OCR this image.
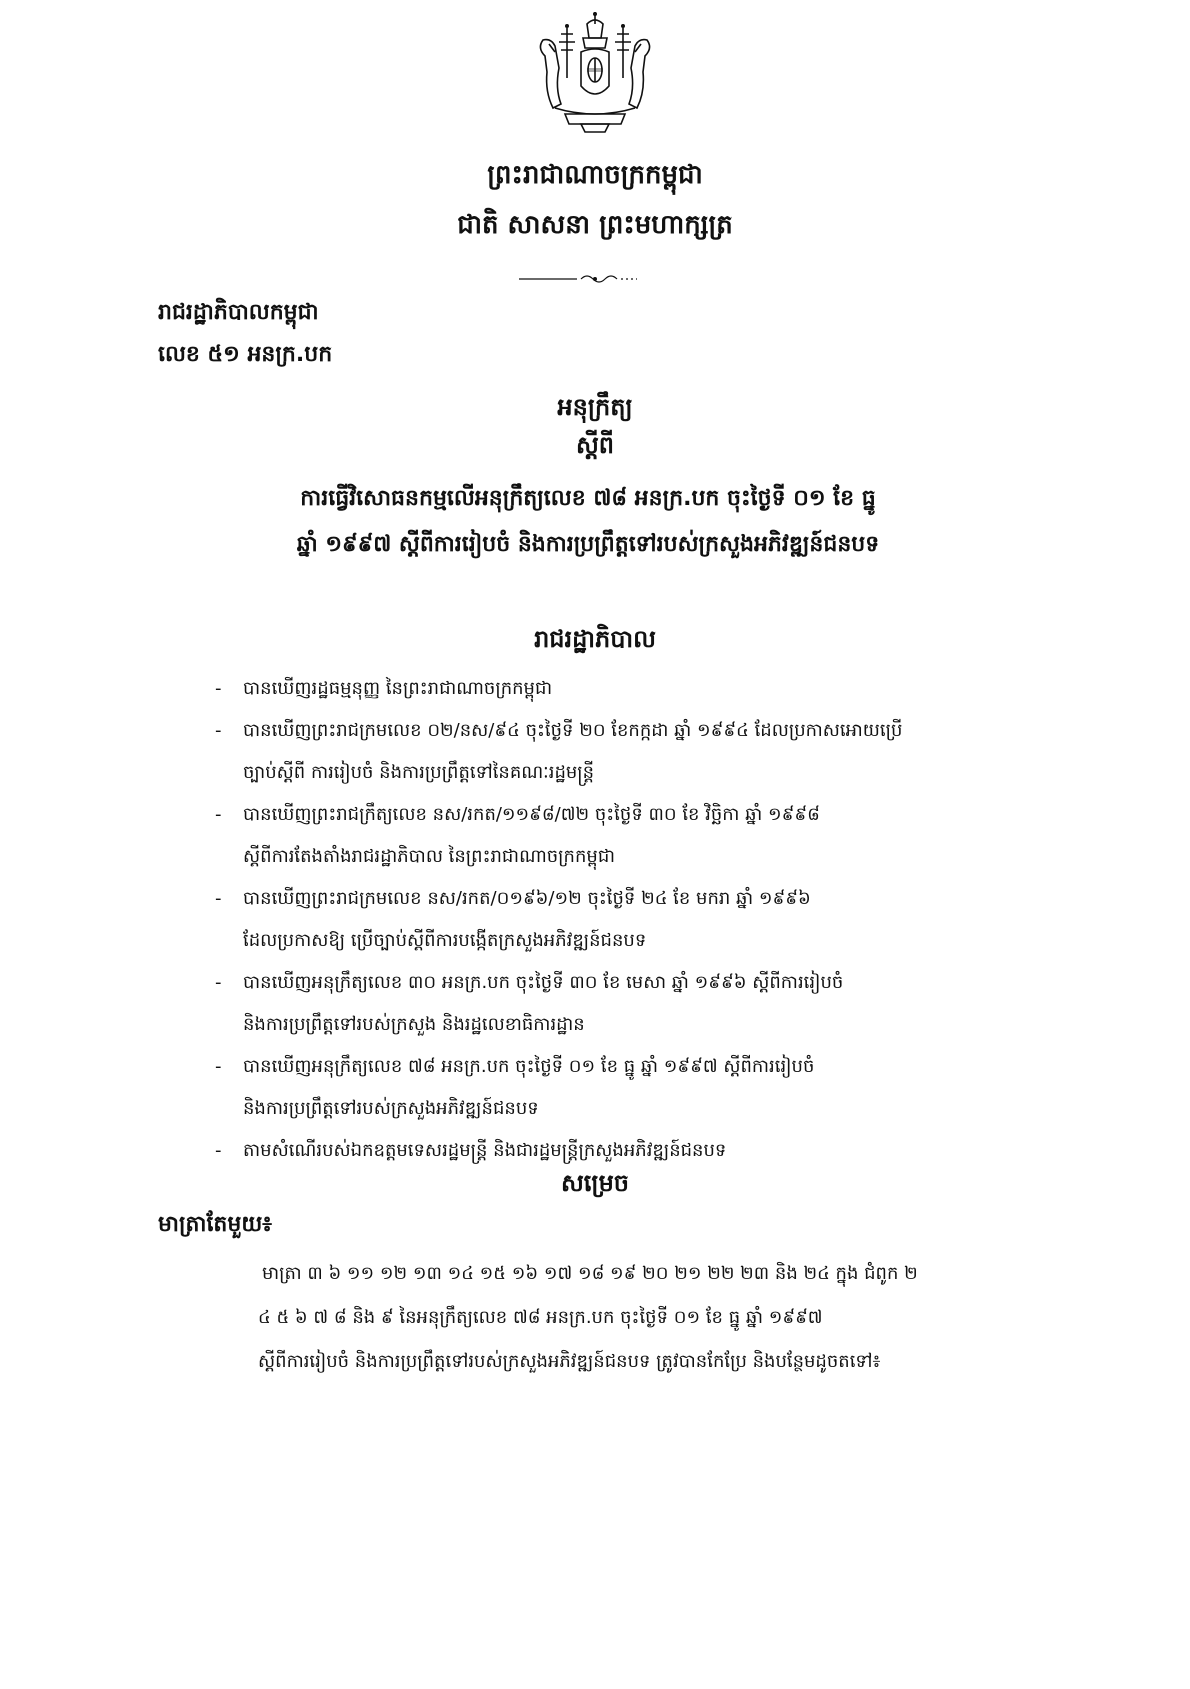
ព្រះរាជាណាចក្រកម្ពុជា
ជាតិ សាសនា ព្រះមហាក្សត្រ
រាជរដ្ឋាភិបាលកម្ពុជា
លេខ ៥១ អនក្រ.បក
អនុក្រឹត្យ
ស្តីពី
ការធ្វើវិសោធនកម្មលើអនុក្រឹត្យលេខ ៧៨ អនក្រ.បក ចុះថ្ងៃទី ០១ ខែ ធ្នូ
ឆ្នាំ ១៩៩៧ ស្តីពីការរៀបចំ និងការប្រព្រឹត្តទៅរបស់ក្រសួងអភិវឌ្ឍន៍ជនបទ
រាជរដ្ឋាភិបាល
- បានឃើញរដ្ឋធម្មនុញ្ញ នៃព្រះរាជាណាចក្រកម្ពុជា
- បានឃើញព្រះរាជក្រមលេខ ០២/នស/៩៤ ចុះថ្ងៃទី ២០ ខែកក្កដា ឆ្នាំ ១៩៩៤ ដែលប្រកាសអោយប្រើ
ច្បាប់ស្តីពី ការរៀបចំ និងការប្រព្រឹត្តទៅនៃគណៈរដ្ឋមន្ត្រី
- បានឃើញព្រះរាជក្រឹត្យលេខ នស/រកត/១១៩៨/៧២ ចុះថ្ងៃទី ៣០ ខែ វិច្ឆិកា ឆ្នាំ ១៩៩៨
ស្តីពីការតែងតាំងរាជរដ្ឋាភិបាល នៃព្រះរាជាណាចក្រកម្ពុជា
- បានឃើញព្រះរាជក្រមលេខ នស/រកត/០១៩៦/១២ ចុះថ្ងៃទី ២៤ ខែ មករា ឆ្នាំ ១៩៩៦
ដែលប្រកាសឱ្យ ប្រើច្បាប់ស្តីពីការបង្កើតក្រសួងអភិវឌ្ឍន៍ជនបទ
- បានឃើញអនុក្រឹត្យលេខ ៣០ អនក្រ.បក ចុះថ្ងៃទី ៣០ ខែ មេសា ឆ្នាំ ១៩៩៦ ស្តីពីការរៀបចំ
និងការប្រព្រឹត្តទៅរបស់ក្រសួង និងរដ្ឋលេខាធិការដ្ឋាន
- បានឃើញអនុក្រឹត្យលេខ ៧៨ អនក្រ.បក ចុះថ្ងៃទី ០១ ខែ ធ្នូ ឆ្នាំ ១៩៩៧ ស្តីពីការរៀបចំ
និងការប្រព្រឹត្តទៅរបស់ក្រសួងអភិវឌ្ឍន៍ជនបទ
- តាមសំណើរបស់ឯកឧត្តមទេសរដ្ឋមន្ត្រី និងជារដ្ឋមន្ត្រីក្រសួងអភិវឌ្ឍន៍ជនបទ
សម្រេច
មាត្រាតែមួយ៖
មាត្រា ៣ ៦ ១១ ១២ ១៣ ១៤ ១៥ ១៦ ១៧ ១៨ ១៩ ២០ ២១ ២២ ២៣ និង ២៤ ក្នុង ជំពូក ២
៤ ៥ ៦ ៧ ៨ និង ៩ នៃអនុក្រឹត្យលេខ ៧៨ អនក្រ.បក ចុះថ្ងៃទី ០១ ខែ ធ្នូ ឆ្នាំ ១៩៩៧
ស្តីពីការរៀបចំ និងការប្រព្រឹត្តទៅរបស់ក្រសួងអភិវឌ្ឍន៍ជនបទ ត្រូវបានកែប្រែ និងបន្ថែមដូចតទៅ៖
